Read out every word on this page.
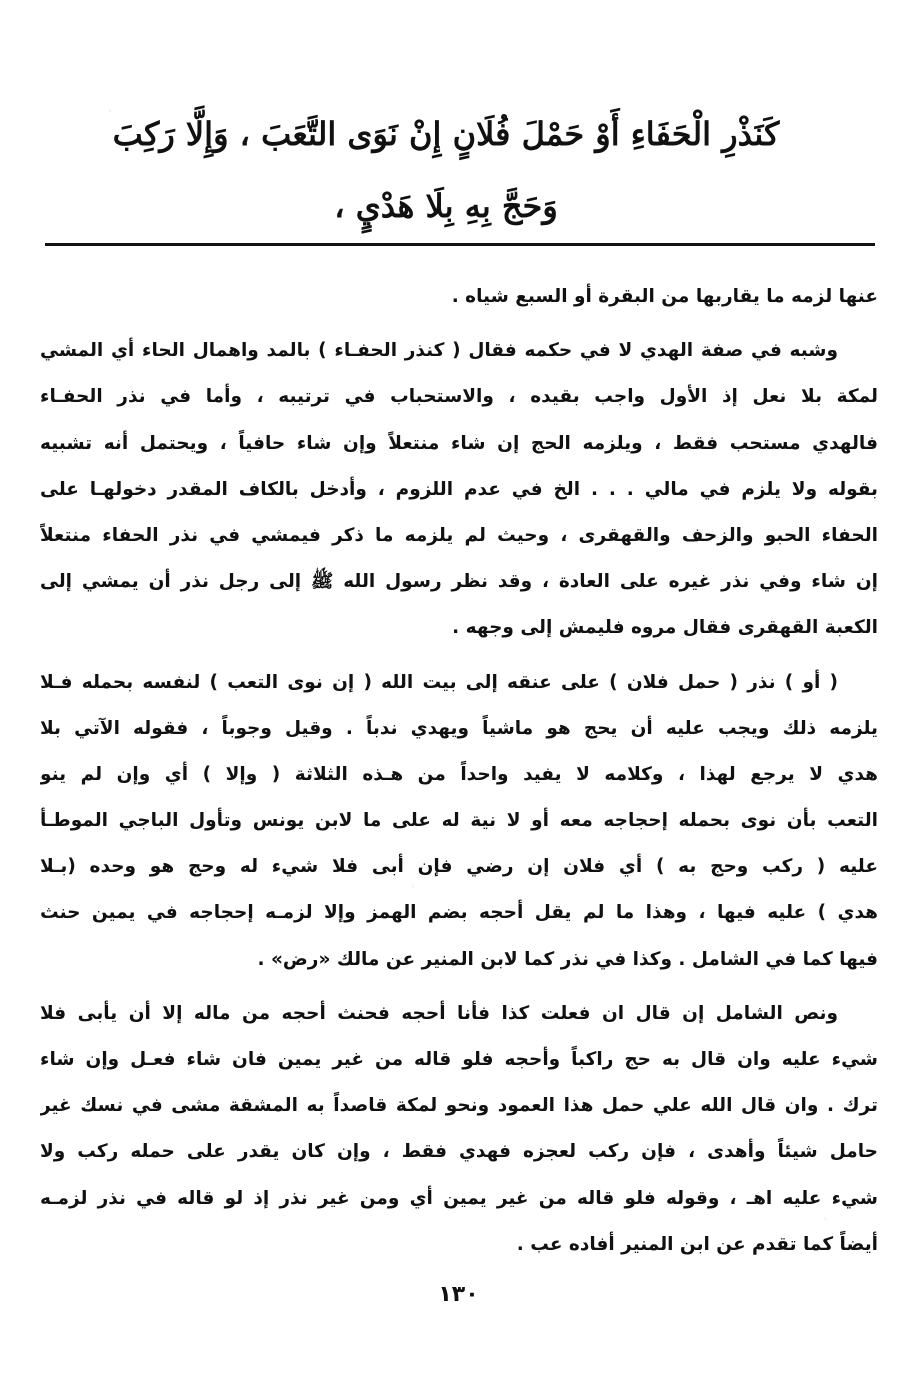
كَنَذْرِ الْحَفَاءِ أَوْ حَمْلَ فُلَانٍ إِنْ نَوَى التَّعَبَ ، وَإِلَّا رَكِبَ
وَحَجَّ بِهِ بِلَا هَدْيٍ ،
عنها لزمه ما يقاربها من البقرة أو السبع شياه .
وشبه في صفة الهدي لا في حكمه فقال ( كنذر الحفـاء ) بالمد واهمال الحاء أي المشي
لمكة بلا نعل إذ الأول واجب بقيده ، والاستحباب في ترتيبه ، وأما في نذر الحفـاء
فالهدي مستحب فقط ، ويلزمه الحج إن شاء منتعلاً وإن شاء حافياً ، ويحتمل أنه تشبيه
بقوله ولا يلزم في مالي . . . الخ في عدم اللزوم ، وأدخل بالكاف المقدر دخولهـا على
الحفاء الحبو والزحف والقهقرى ، وحيث لم يلزمه ما ذكر فيمشي في نذر الحفاء منتعلاً
إن شاء وفي نذر غيره على العادة ، وقد نظر رسول الله ﷺ إلى رجل نذر أن يمشي إلى
الكعبة القهقرى فقال مروه فليمش إلى وجهه .
( أو ) نذر ( حمل فلان ) على عنقه إلى بيت الله ( إن نوى التعب ) لنفسه بحمله فـلا
يلزمه ذلك ويجب عليه أن يحج هو ماشياً ويهدي ندباً . وقيل وجوباً ، فقوله الآتي بلا
هدي لا يرجع لهذا ، وكلامه لا يفيد واحداً من هـذه الثلاثة ( وإلا ) أي وإن لم ينو
التعب بأن نوى بحمله إحجاجه معه أو لا نية له على ما لابن يونس وتأول الباجي الموطـأ
عليه ( ركب وحج به ) أي فلان إن رضي فإن أبى فلا شيء له وحج هو وحده (بـلا
هدي ) عليه فيها ، وهذا ما لم يقل أحجه بضم الهمز وإلا لزمـه إحجاجه في يمين حنث
فيها كما في الشامل . وكذا في نذر كما لابن المنير عن مالك «رض» .
ونص الشامل إن قال ان فعلت كذا فأنا أحجه فحنث أحجه من ماله إلا أن يأبى فلا
شيء عليه وان قال به حج راكباً وأحجه فلو قاله من غير يمين فان شاء فعـل وإن شاء
ترك . وان قال الله علي حمل هذا العمود ونحو لمكة قاصداً به المشقة مشى في نسك غير
حامل شيئاً وأهدى ، فإن ركب لعجزه فهدي فقط ، وإن كان يقدر على حمله ركب ولا
شيء عليه اهـ ، وقوله فلو قاله من غير يمين أي ومن غير نذر إذ لو قاله في نذر لزمـه
أيضاً كما تقدم عن ابن المنير أفاده عب .
١٣٠
